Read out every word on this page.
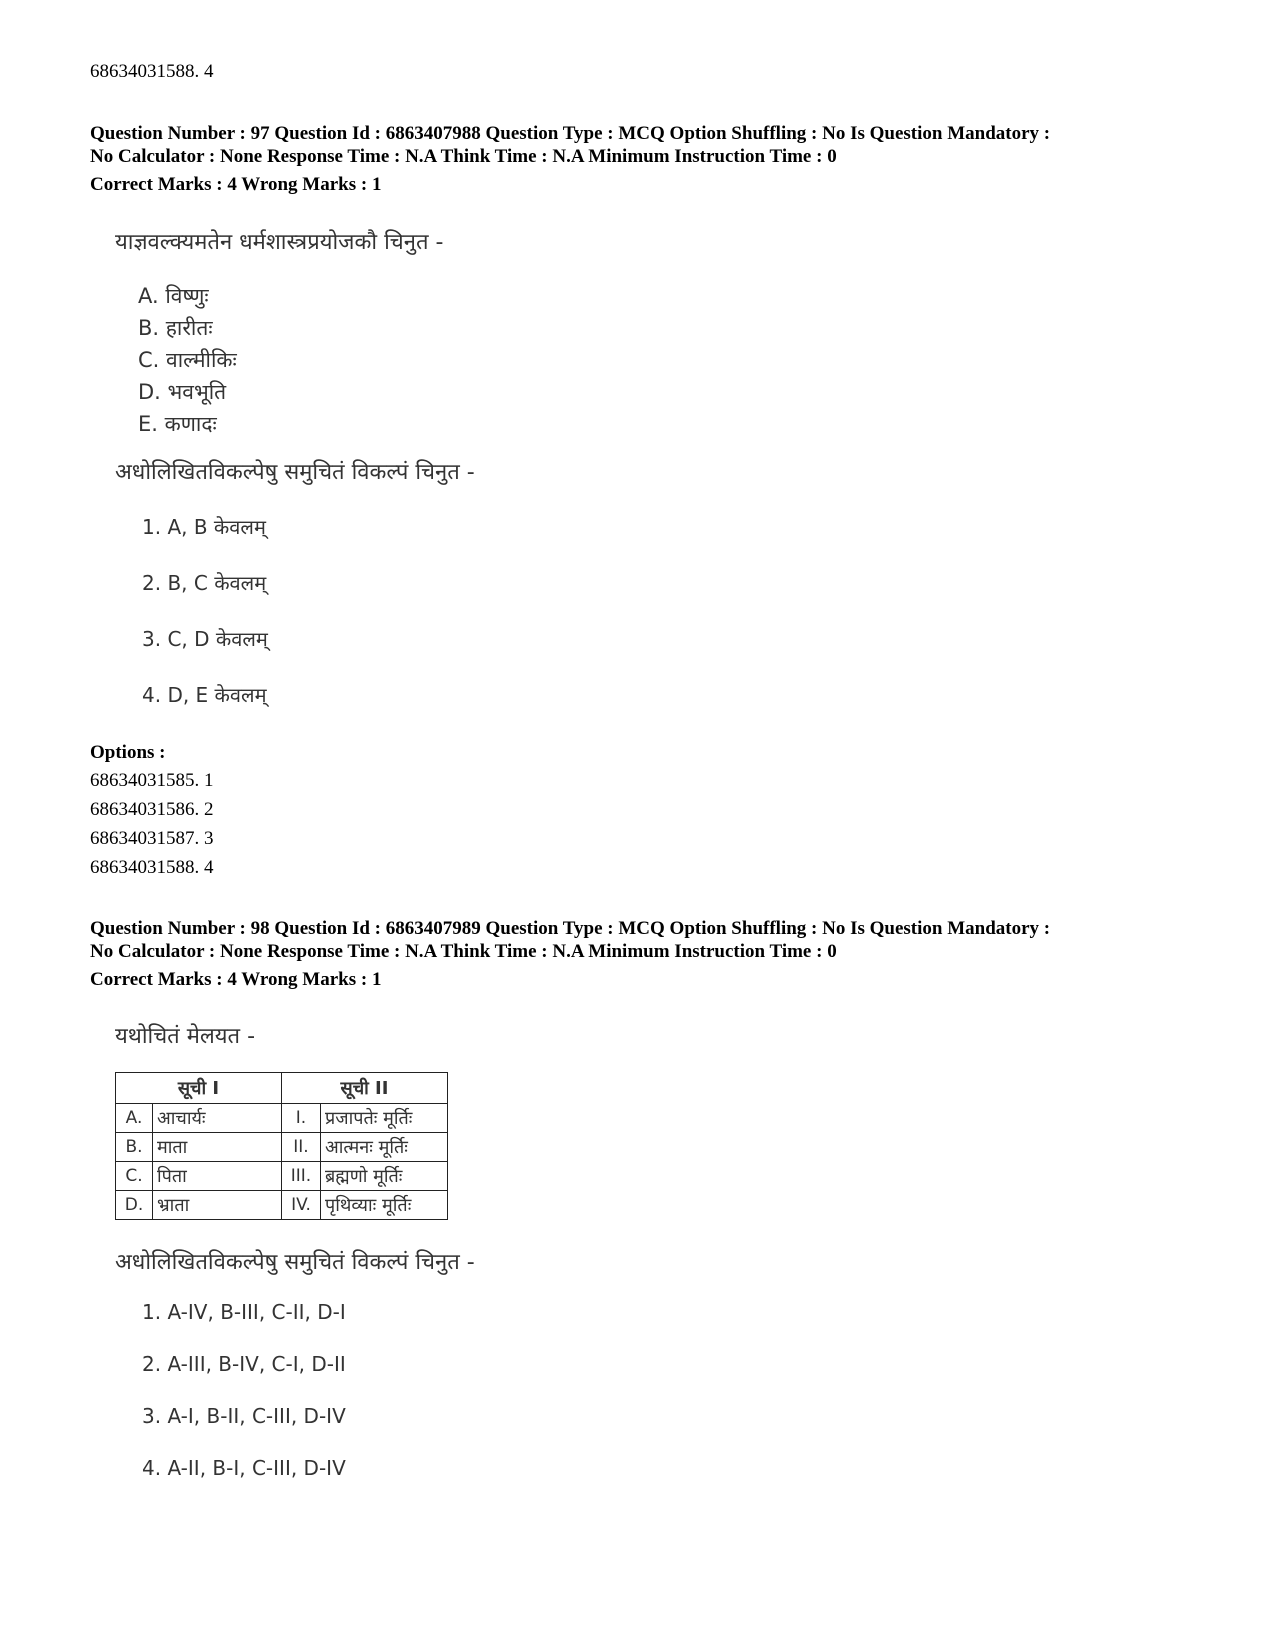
68634031588. 4
Question Number : 97 Question Id : 6863407988 Question Type : MCQ Option Shuffling : No Is Question Mandatory :
No Calculator : None Response Time : N.A Think Time : N.A Minimum Instruction Time : 0
Correct Marks : 4 Wrong Marks : 1
याज्ञवल्क्यमतेन धर्मशास्त्रप्रयोजकौ चिनुत -
A. विष्णुः
B. हारीतः
C. वाल्मीकिः
D. भवभूति
E. कणादः
अधोलिखितविकल्पेषु समुचितं विकल्पं चिनुत -
1. A, B केवलम्
2. B, C केवलम्
3. C, D केवलम्
4. D, E केवलम्
Options :
68634031585. 1
68634031586. 2
68634031587. 3
68634031588. 4
Question Number : 98 Question Id : 6863407989 Question Type : MCQ Option Shuffling : No Is Question Mandatory :
No Calculator : None Response Time : N.A Think Time : N.A Minimum Instruction Time : 0
Correct Marks : 4 Wrong Marks : 1
यथोचितं मेलयत -
सूची I		सूची II	
A.	आचार्यः	I.	प्रजापतेः मूर्तिः
B.	माता	II.	आत्मनः मूर्तिः
C.	पिता	III.	ब्रह्मणो मूर्तिः
D.	भ्राता	IV.	पृथिव्याः मूर्तिः
अधोलिखितविकल्पेषु समुचितं विकल्पं चिनुत -
1. A-IV, B-III, C-II, D-I
2. A-III, B-IV, C-I, D-II
3. A-I, B-II, C-III, D-IV
4. A-II, B-I, C-III, D-IV
